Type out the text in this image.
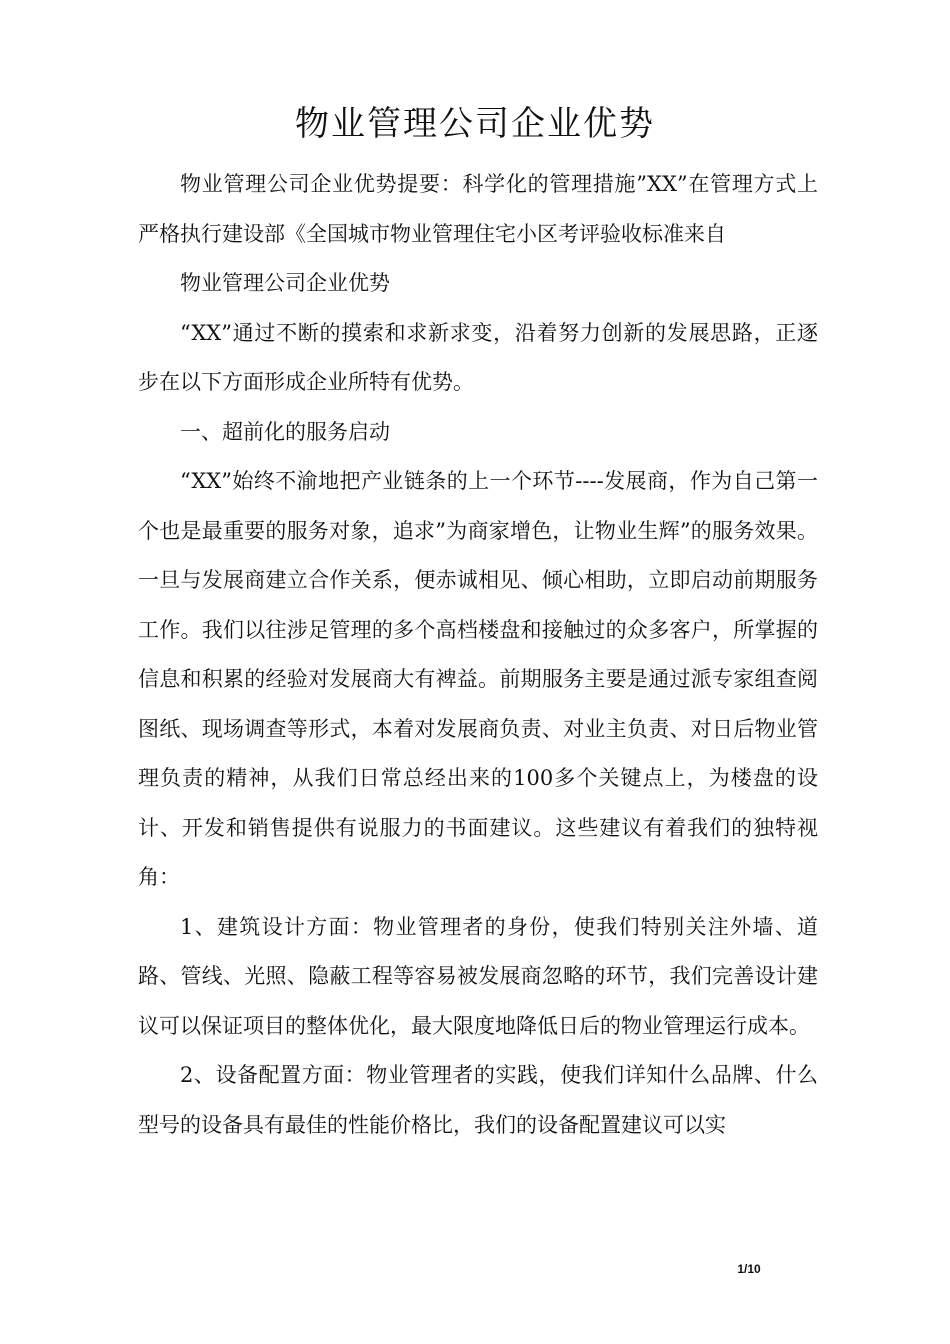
物业管理公司企业优势

物业管理公司企业优势提要：科学化的管理措施”XX”在管理方式上严格执行建设部《全国城市物业管理住宅小区考评验收标准来自

物业管理公司企业优势

“XX”通过不断的摸索和求新求变，沿着努力创新的发展思路，正逐步在以下方面形成企业所特有优势。

一、超前化的服务启动

“XX”始终不渝地把产业链条的上一个环节----发展商，作为自己第一个也是最重要的服务对象，追求”为商家增色，让物业生辉”的服务效果。一旦与发展商建立合作关系，便赤诚相见、倾心相助，立即启动前期服务工作。我们以往涉足管理的多个高档楼盘和接触过的众多客户，所掌握的信息和积累的经验对发展商大有裨益。前期服务主要是通过派专家组查阅图纸、现场调查等形式，本着对发展商负责、对业主负责、对日后物业管理负责的精神，从我们日常总经出来的100多个关键点上，为楼盘的设计、开发和销售提供有说服力的书面建议。这些建议有着我们的独特视角：

1、建筑设计方面：物业管理者的身份，使我们特别关注外墙、道路、管线、光照、隐蔽工程等容易被发展商忽略的环节，我们完善设计建议可以保证项目的整体优化，最大限度地降低日后的物业管理运行成本。

2、设备配置方面：物业管理者的实践，使我们详知什么品牌、什么型号的设备具有最佳的性能价格比，我们的设备配置建议可以实

1/10
